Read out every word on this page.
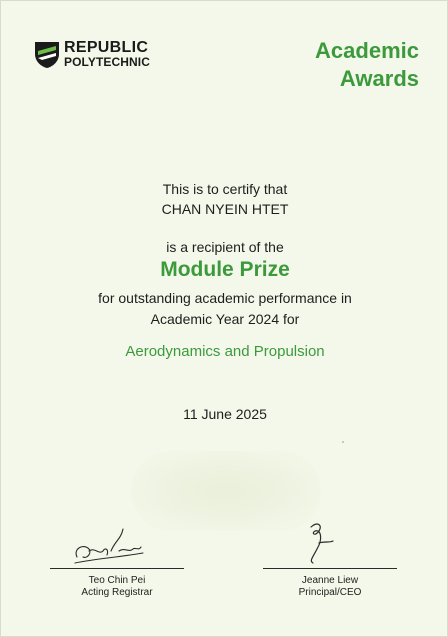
REPUBLIC
POLYTECHNIC	Academic
Awards
This is to certify that
CHAN NYEIN HTET
is a recipient of the
Module Prize
for outstanding academic performance in
Academic Year 2024 for
Aerodynamics and Propulsion
11 June 2025
Teo Chin Pei
Acting Registrar
Jeanne Liew
Principal/CEO
